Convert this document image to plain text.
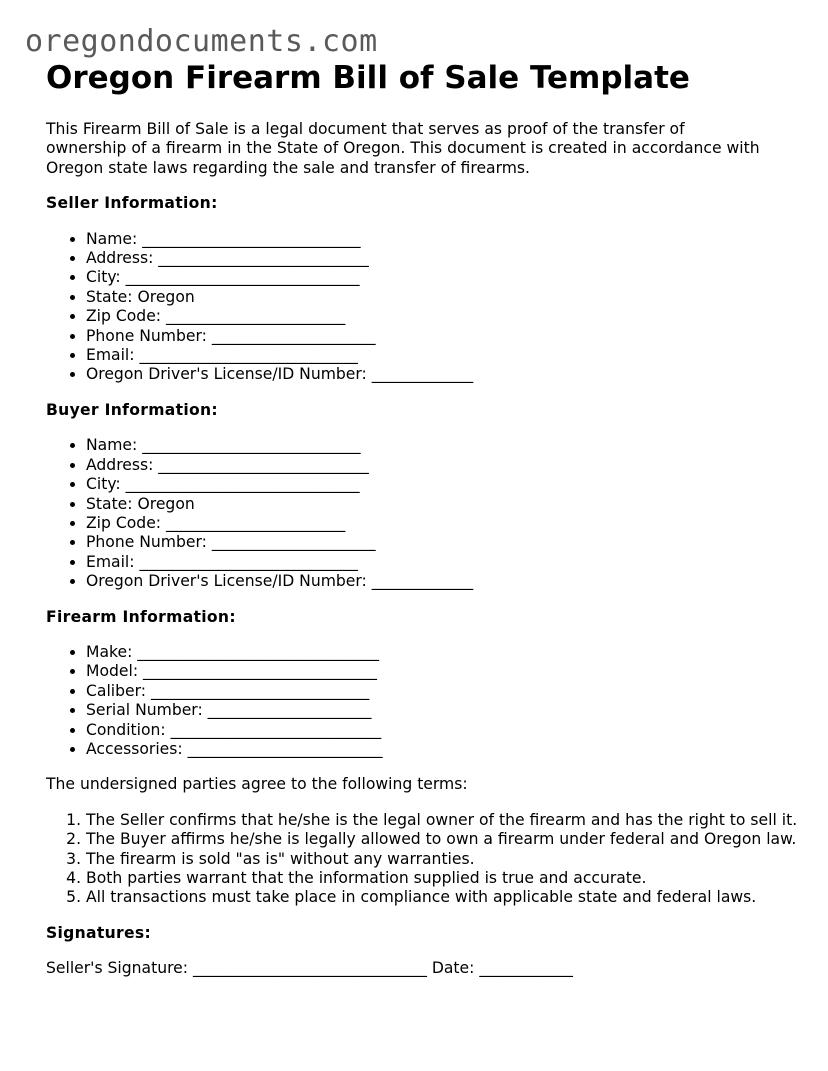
oregondocuments.com
Oregon Firearm Bill of Sale Template

This Firearm Bill of Sale is a legal document that serves as proof of the transfer of ownership of a firearm in the State of Oregon. This document is created in accordance with Oregon state laws regarding the sale and transfer of firearms.

Seller Information:
• Name: ____________________________
• Address: ___________________________
• City: ______________________________
• State: Oregon
• Zip Code: _______________________
• Phone Number: _____________________
• Email: ____________________________
• Oregon Driver's License/ID Number: _____________
Buyer Information:
• Name: ____________________________
• Address: ___________________________
• City: ______________________________
• State: Oregon
• Zip Code: _______________________
• Phone Number: _____________________
• Email: ____________________________
• Oregon Driver's License/ID Number: _____________
Firearm Information:
• Make: _______________________________
• Model: ______________________________
• Caliber: ____________________________
• Serial Number: _____________________
• Condition: ___________________________
• Accessories: _________________________

The undersigned parties agree to the following terms:

1. The Seller confirms that he/she is the legal owner of the firearm and has the right to sell it.
2. The Buyer affirms he/she is legally allowed to own a firearm under federal and Oregon law.
3. The firearm is sold "as is" without any warranties.
4. Both parties warrant that the information supplied is true and accurate.
5. All transactions must take place in compliance with applicable state and federal laws.
Signatures:
Seller's Signature: ______________________________ Date: ____________
